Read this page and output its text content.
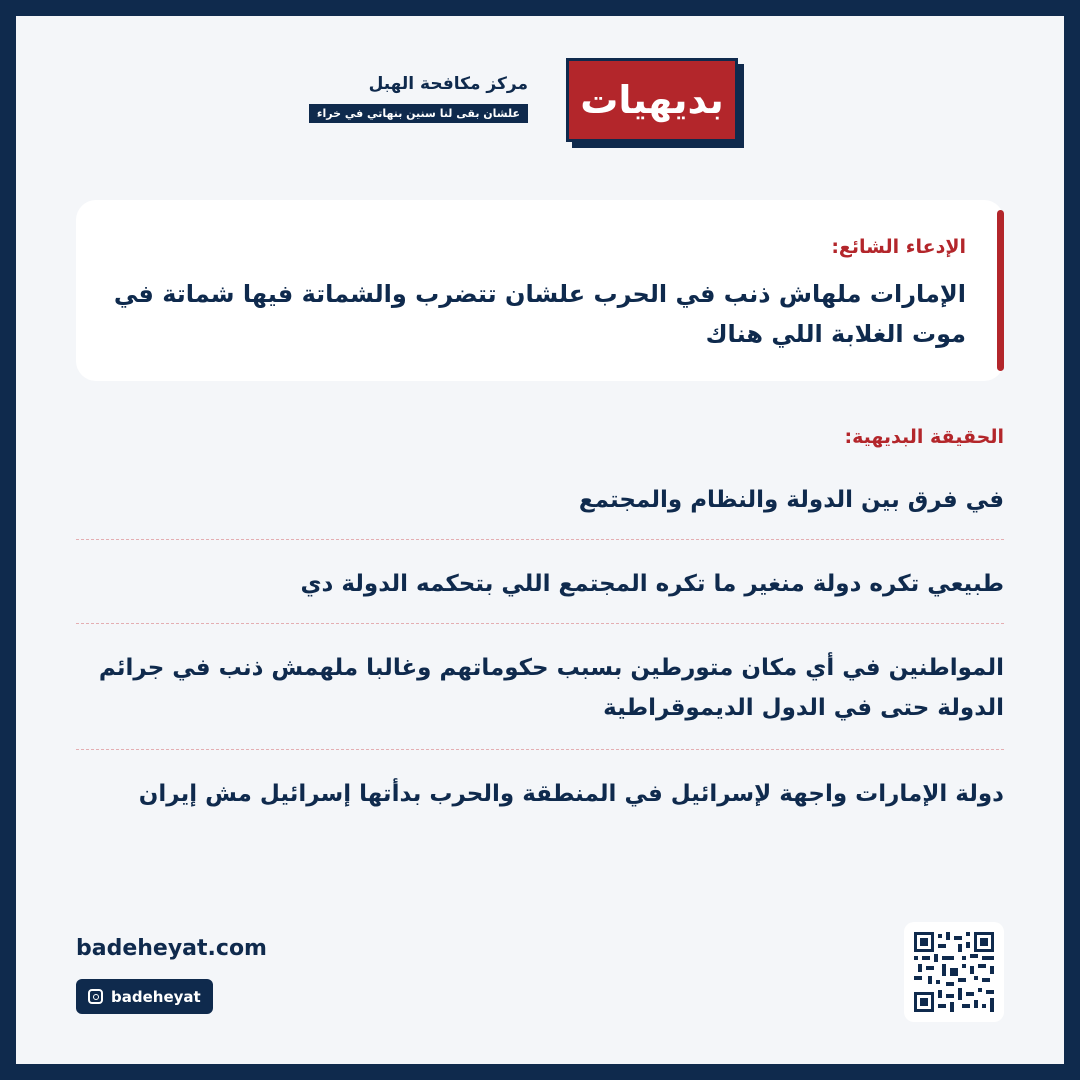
بديهيات
مركز مكافحة الهبل
علشان بقى لنا سنين بنهاتي في خراء
الإدعاء الشائع:
الإمارات ملهاش ذنب في الحرب علشان تتضرب والشماتة فيها شماتة في موت الغلابة اللي هناك
الحقيقة البديهية:
في فرق بين الدولة والنظام والمجتمع
طبيعي تكره دولة منغير ما تكره المجتمع اللي بتحكمه الدولة دي
المواطنين في أي مكان متورطين بسبب حكوماتهم وغالبا ملهمش ذنب في جرائم الدولة حتى في الدول الديموقراطية
دولة الإمارات واجهة لإسرائيل في المنطقة والحرب بدأتها إسرائيل مش إيران
badeheyat.com
badeheyat
